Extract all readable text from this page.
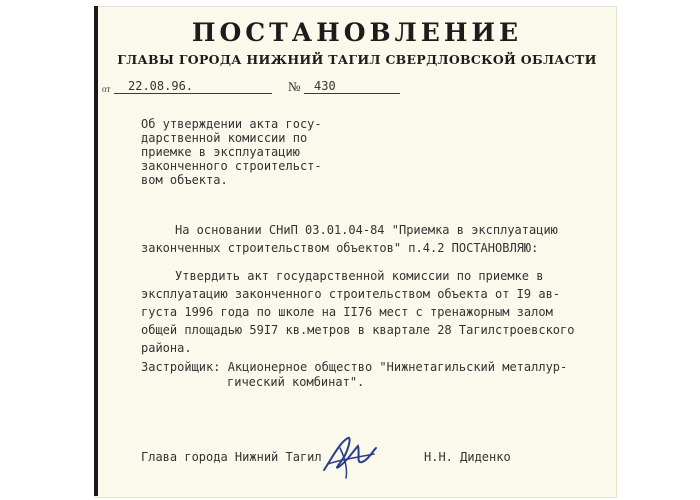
ПОСТАНОВЛЕНИЕ
ГЛАВЫ ГОРОДА НИЖНИЙ ТАГИЛ СВЕРДЛОВСКОЙ ОБЛАСТИ
от 22.08.96.	№ 430
Об утверждении акта госу-
дарственной комиссии по
приемке в эксплуатацию
законченного строительст-
вом объекта.
На основании СНиП 03.01.04-84 "Приемка в эксплуатацию
законченных строительством объектов" п.4.2 ПОСТАНОВЛЯЮ:
Утвердить акт государственной комиссии по приемке в
эксплуатацию законченного строительством объекта от I9 ав-
густа 1996 года по школе на II76 мест с тренажорным залом
общей площадью 59I7 кв.метров в квартале 28 Тагилстроевского
района.
Застройщик: Акционерное общество "Нижнетагильский металлур-
гический комбинат".
Глава города Нижний Тагил	Н.Н. Диденко
